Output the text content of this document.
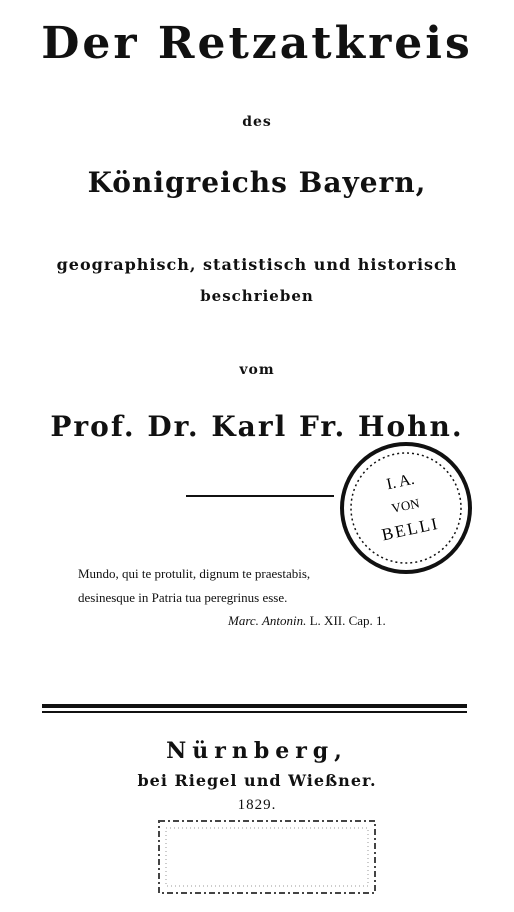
Der Retzatkreis
des
Königreichs Bayern,
geographisch, statistisch und historisch
beschrieben
vom
Prof. Dr. Karl Fr. Hohn.
I. A.
VON
BELLI
Mundo, qui te protulit, dignum te praestabis,
desinesque in Patria tua peregrinus esse.
Marc. Antonin. L. XII. Cap. 1.
Nürnberg,
bei Riegel und Wießner.
1829.
